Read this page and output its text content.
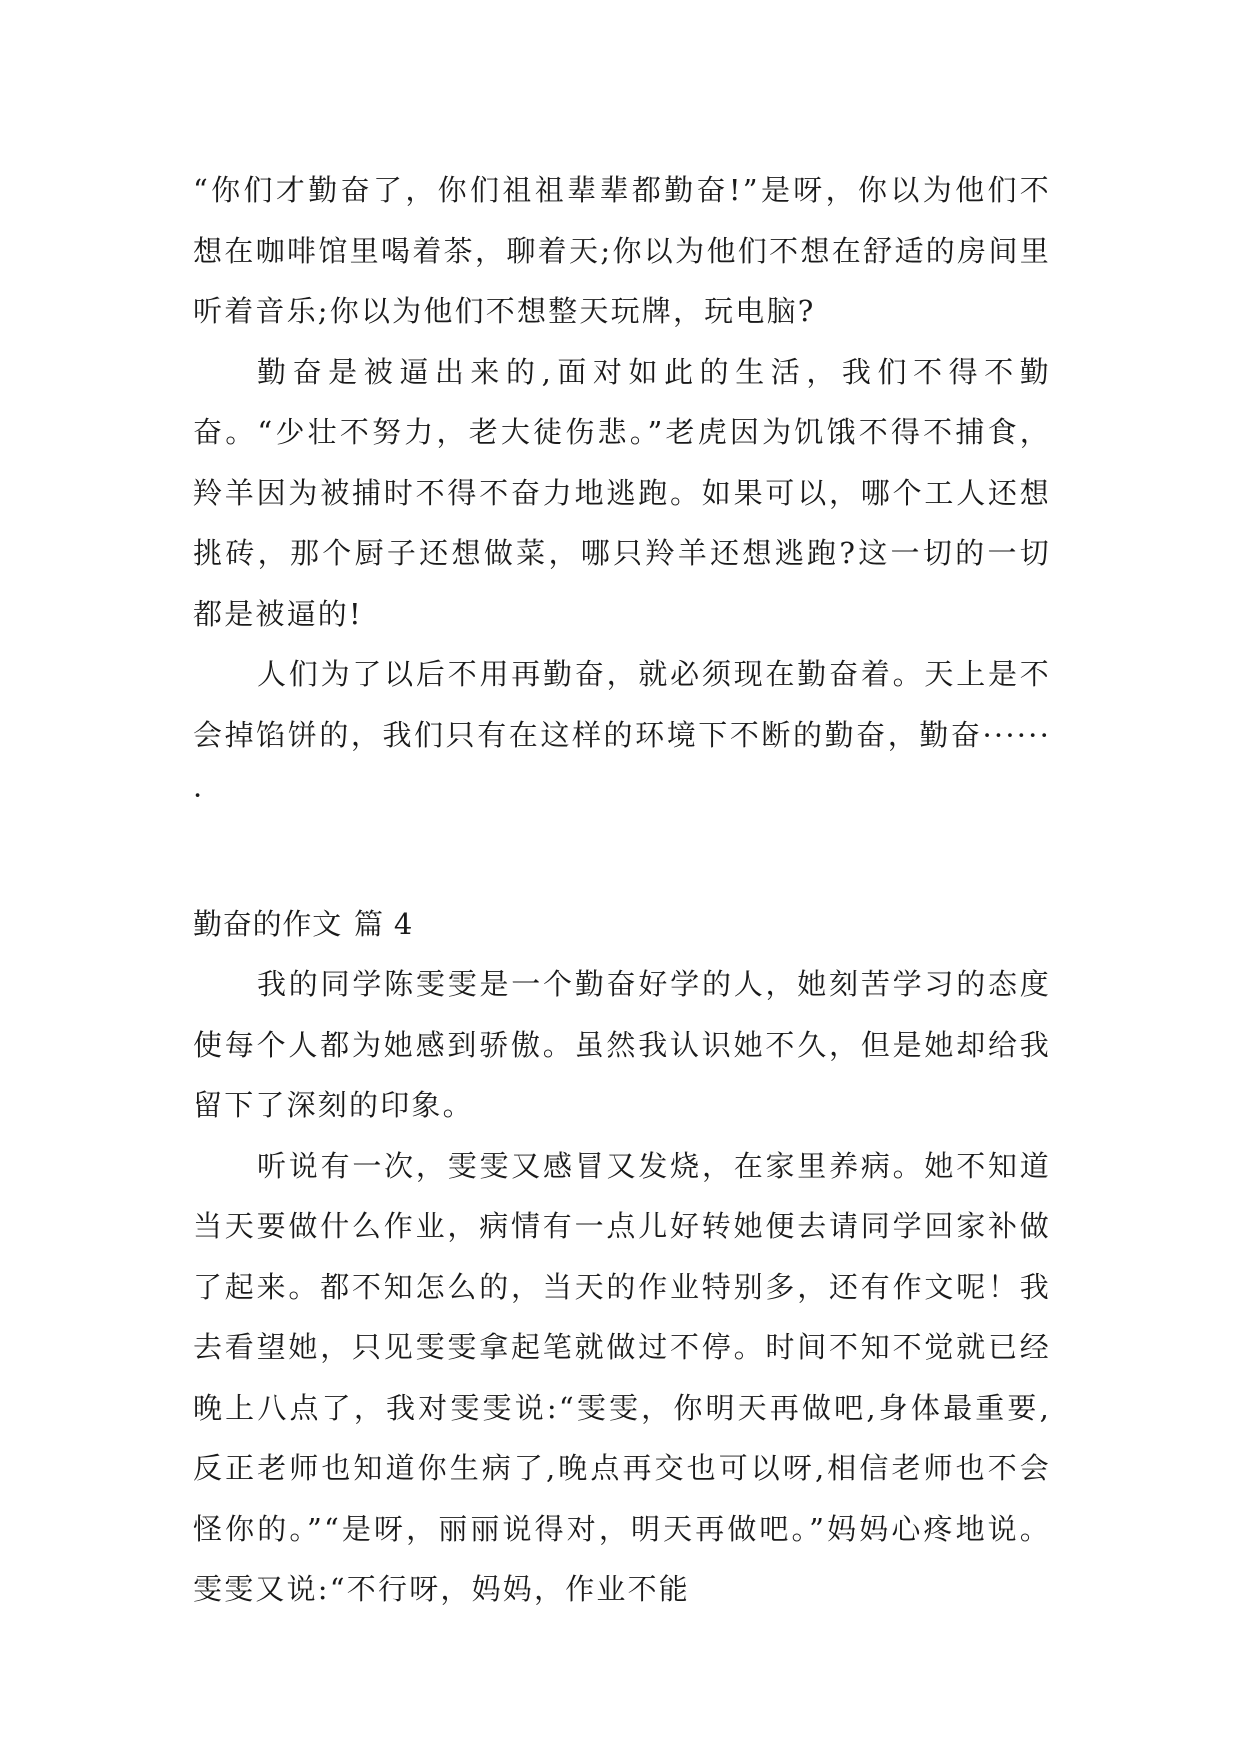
“你们才勤奋了，你们祖祖辈辈都勤奋!”是呀，你以为他们不想在咖啡馆里喝着茶，聊着天;你以为他们不想在舒适的房间里听着音乐;你以为他们不想整天玩牌，玩电脑?

勤奋是被逼出来的,面对如此的生活，我们不得不勤奋。“少壮不努力，老大徒伤悲。”老虎因为饥饿不得不捕食，羚羊因为被捕时不得不奋力地逃跑。如果可以，哪个工人还想挑砖，那个厨子还想做菜，哪只羚羊还想逃跑?这一切的一切都是被逼的!

人们为了以后不用再勤奋，就必须现在勤奋着。天上是不会掉馅饼的，我们只有在这样的环境下不断的勤奋，勤奋·······

勤奋的作文 篇 4

我的同学陈雯雯是一个勤奋好学的人，她刻苦学习的态度使每个人都为她感到骄傲。虽然我认识她不久，但是她却给我留下了深刻的印象。

听说有一次，雯雯又感冒又发烧，在家里养病。她不知道当天要做什么作业，病情有一点儿好转她便去请同学回家补做了起来。都不知怎么的，当天的作业特别多，还有作文呢！我去看望她，只见雯雯拿起笔就做过不停。时间不知不觉就已经晚上八点了，我对雯雯说:“雯雯，你明天再做吧,身体最重要,反正老师也知道你生病了,晚点再交也可以呀,相信老师也不会怪你的。”“是呀，丽丽说得对，明天再做吧。”妈妈心疼地说。雯雯又说:“不行呀，妈妈，作业不能
